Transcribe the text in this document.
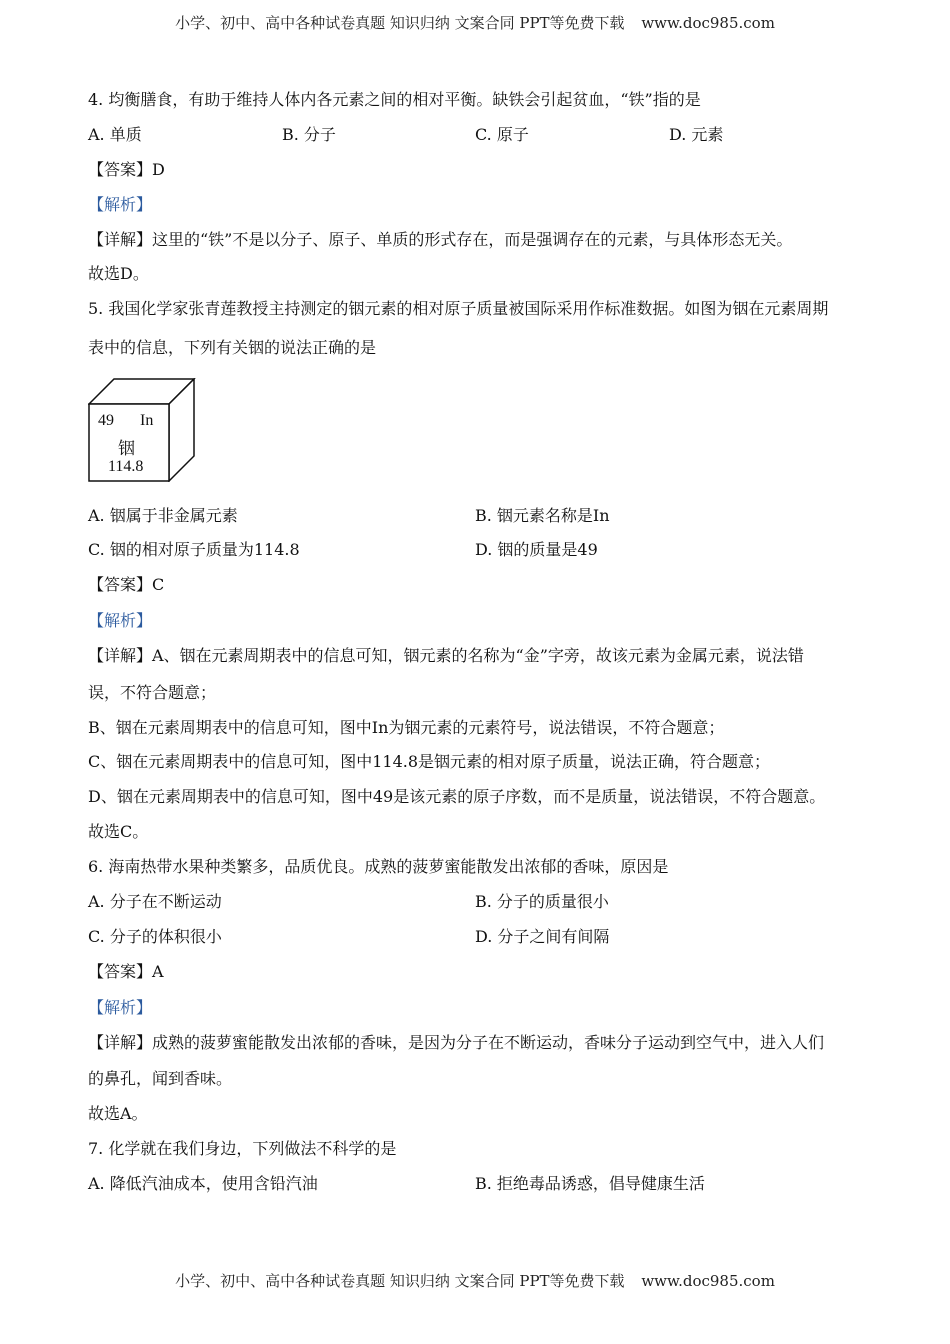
小学、初中、高中各种试卷真题 知识归纳 文案合同 PPT等免费下载 www.doc985.com
4. 均衡膳食，有助于维持人体内各元素之间的相对平衡。缺铁会引起贫血，“铁”指的是
A. 单质	B. 分子	C. 原子	D. 元素
【答案】D
【解析】
【详解】这里的“铁”不是以分子、原子、单质的形式存在，而是强调存在的元素，与具体形态无关。
故选D。
5. 我国化学家张青莲教授主持测定的铟元素的相对原子质量被国际采用作标准数据。如图为铟在元素周期
表中的信息，下列有关铟的说法正确的是
49 In
铟
114.8
A. 铟属于非金属元素	B. 铟元素名称是In
C. 铟的相对原子质量为114.8	D. 铟的质量是49
【答案】C
【解析】
【详解】A、铟在元素周期表中的信息可知，铟元素的名称为“金”字旁，故该元素为金属元素，说法错
误，不符合题意；
B、铟在元素周期表中的信息可知，图中In为铟元素的元素符号，说法错误，不符合题意；
C、铟在元素周期表中的信息可知，图中114.8是铟元素的相对原子质量，说法正确，符合题意；
D、铟在元素周期表中的信息可知，图中49是该元素的原子序数，而不是质量，说法错误，不符合题意。
故选C。
6. 海南热带水果种类繁多，品质优良。成熟的菠萝蜜能散发出浓郁的香味，原因是
A. 分子在不断运动	B. 分子的质量很小
C. 分子的体积很小	D. 分子之间有间隔
【答案】A
【解析】
【详解】成熟的菠萝蜜能散发出浓郁的香味，是因为分子在不断运动，香味分子运动到空气中，进入人们
的鼻孔，闻到香味。
故选A。
7. 化学就在我们身边，下列做法不科学的是
A. 降低汽油成本，使用含铅汽油	B. 拒绝毒品诱惑，倡导健康生活
小学、初中、高中各种试卷真题 知识归纳 文案合同 PPT等免费下载 www.doc985.com
